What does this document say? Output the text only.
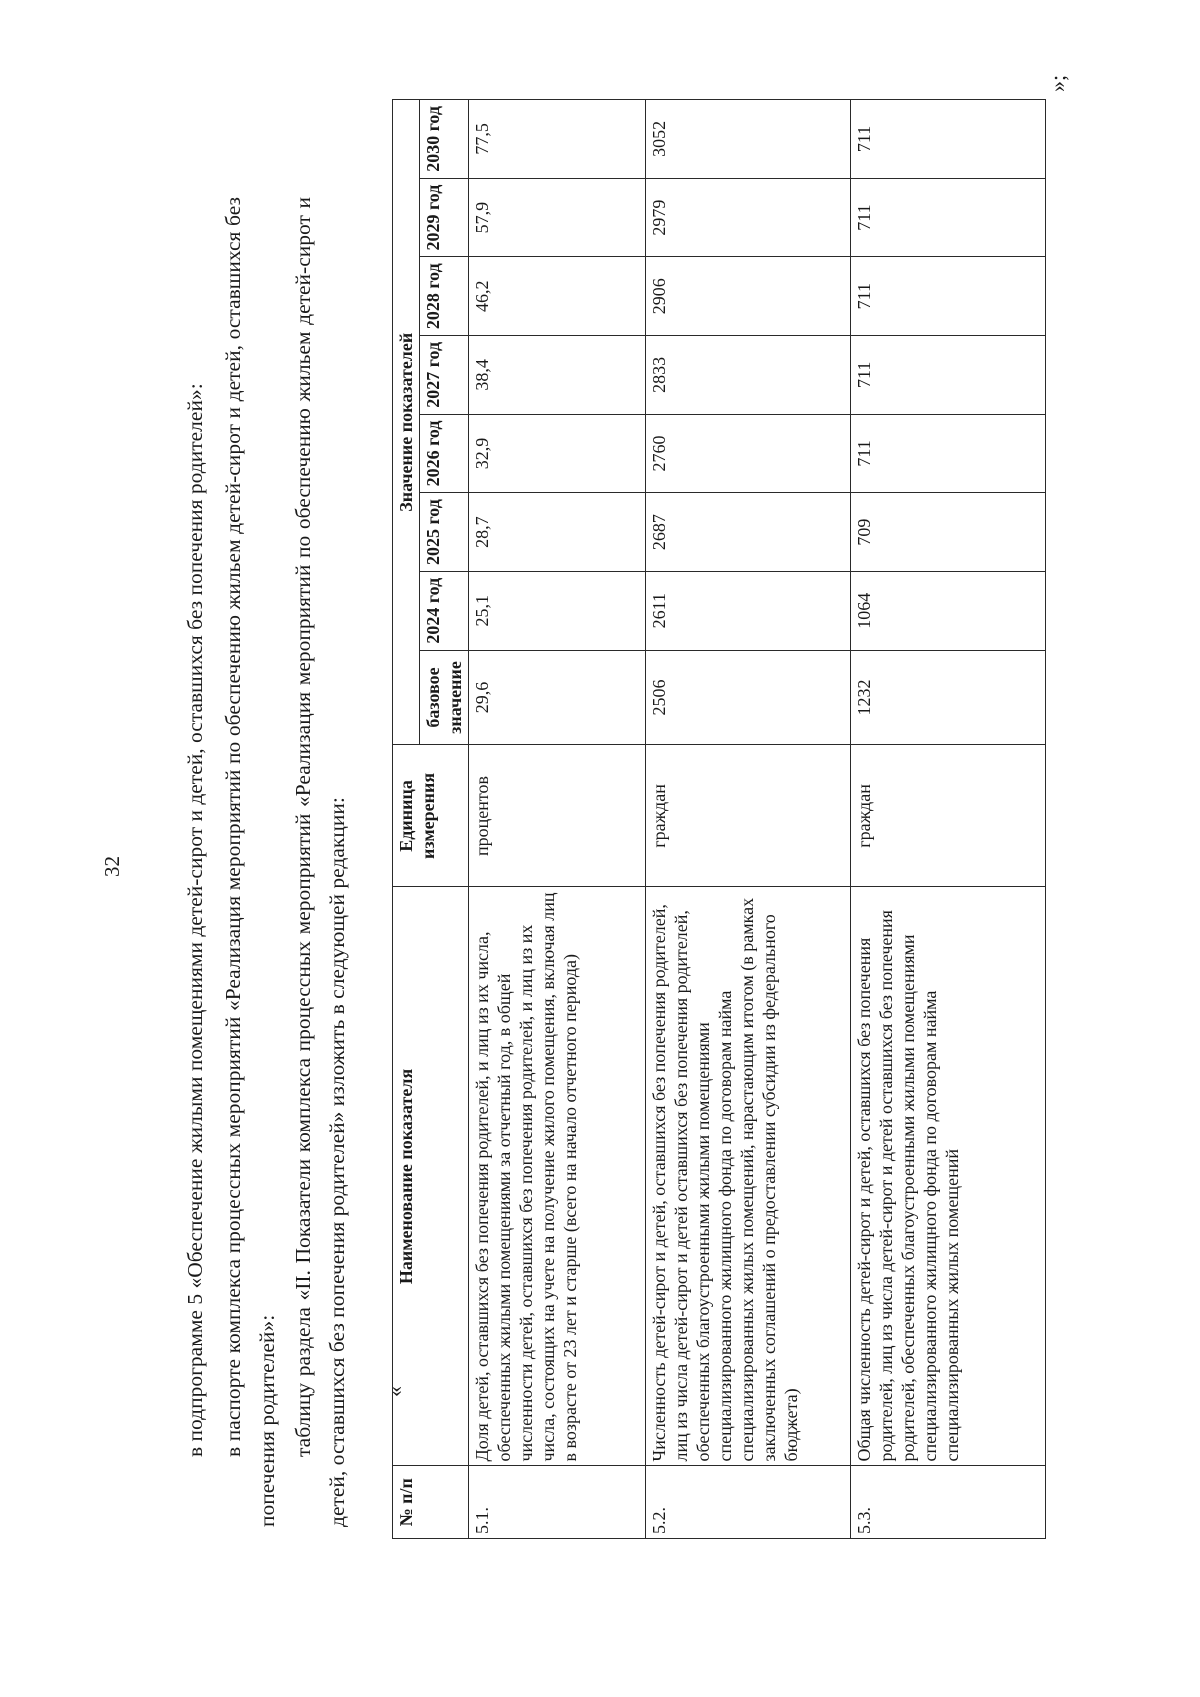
32	в подпрограмме 5 «Обеспечение жилыми помещениями детей-сирот и детей, оставшихся без попечения родителей»: в паспорте комплекса процессных мероприятий «Реализация мероприятий по обеспечению жильем детей-сирот и детей, оставшихся без попечения родителей»: таблицу раздела «II. Показатели комплекса процессных мероприятий «Реализация мероприятий по обеспечению жильем детей-сирот и детей, оставшихся без попечения родителей» изложить в следующей редакции: «
№ п/п	Наименование показателя	Единица измерения	Значение показателей							
			базовое значение	2024 год	2025 год	2026 год	2027 год	2028 год	2029 год	2030 год
5.1.	Доля детей, оставшихся без попечения родителей, и лиц из их числа, обеспеченных жилыми помещениями за отчетный год, в общей численности детей, оставшихся без попечения родителей, и лиц из их числа, состоящих на учете на получение жилого помещения, включая лиц в возрасте от 23 лет и старше (всего на начало отчетного периода)	процентов	29,6	25,1	28,7	32,9	38,4	46,2	57,9	77,5
5.2.	Численность детей-сирот и детей, оставшихся без попечения родителей, лиц из числа детей-сирот и детей оставшихся без попечения родителей, обеспеченных благоустроенными жилыми помещениями специализированного жилищного фонда по договорам найма специализированных жилых помещений, нарастающим итогом (в рамках заключенных соглашений о предоставлении субсидии из федерального бюджета)	граждан	2506	2611	2687	2760	2833	2906	2979	3052
5.3.	Общая численность детей-сирот и детей, оставшихся без попечения родителей, лиц из числа детей-сирот и детей оставшихся без попечения родителей, обеспеченных благоустроенными жилыми помещениями специализированного жилищного фонда по договорам найма специализированных жилых помещений	граждан	1232	1064	709	711	711	711	711	711
»;
